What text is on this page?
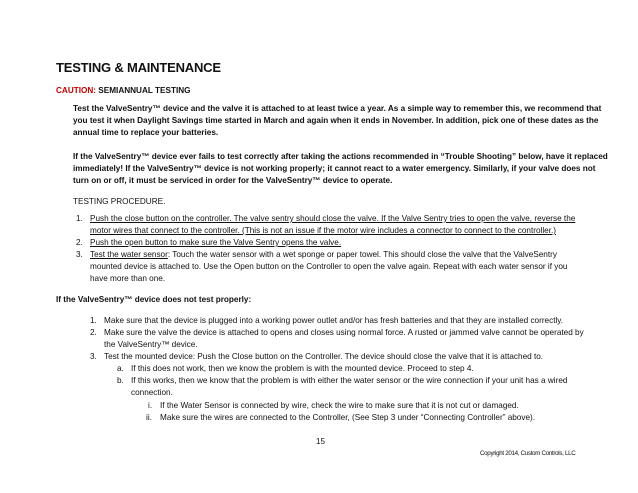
TESTING & MAINTENANCE
CAUTION: SEMIANNUAL TESTING
Test the ValveSentry™ device and the valve it is attached to at least twice a year. As a simple way to remember this, we recommend that
you test it when Daylight Savings time started in March and again when it ends in November. In addition, pick one of these dates as the
annual time to replace your batteries.
If the ValveSentry™ device ever fails to test correctly after taking the actions recommended in “Trouble Shooting” below, have it replaced
immediately! If the ValveSentry™ device is not working properly; it cannot react to a water emergency. Similarly, if your valve does not
turn on or off, it must be serviced in order for the ValveSentry™ device to operate.
TESTING PROCEDURE.
1. Push the close button on the controller. The valve sentry should close the valve. If the Valve Sentry tries to open the valve, reverse the
motor wires that connect to the controller. (This is not an issue if the motor wire includes a connector to connect to the controller.)
2. Push the open button to make sure the Valve Sentry opens the valve.
3. Test the water sensor: Touch the water sensor with a wet sponge or paper towel. This should close the valve that the ValveSentry
mounted device is attached to. Use the Open button on the Controller to open the valve again. Repeat with each water sensor if you
have more than one.
If the ValveSentry™ device does not test properly:
1. Make sure that the device is plugged into a working power outlet and/or has fresh batteries and that they are installed correctly.
2. Make sure the valve the device is attached to opens and closes using normal force. A rusted or jammed valve cannot be operated by
the ValveSentry™ device.
3. Test the mounted device: Push the Close button on the Controller. The device should close the valve that it is attached to.
a. If this does not work, then we know the problem is with the mounted device. Proceed to step 4.
b. If this works, then we know that the problem is with either the water sensor or the wire connection if your unit has a wired
connection.
i. If the Water Sensor is connected by wire, check the wire to make sure that it is not cut or damaged.
ii. Make sure the wires are connected to the Controller, (See Step 3 under “Connecting Controller” above).
15
Copyright 2014, Custom Controls, LLC
